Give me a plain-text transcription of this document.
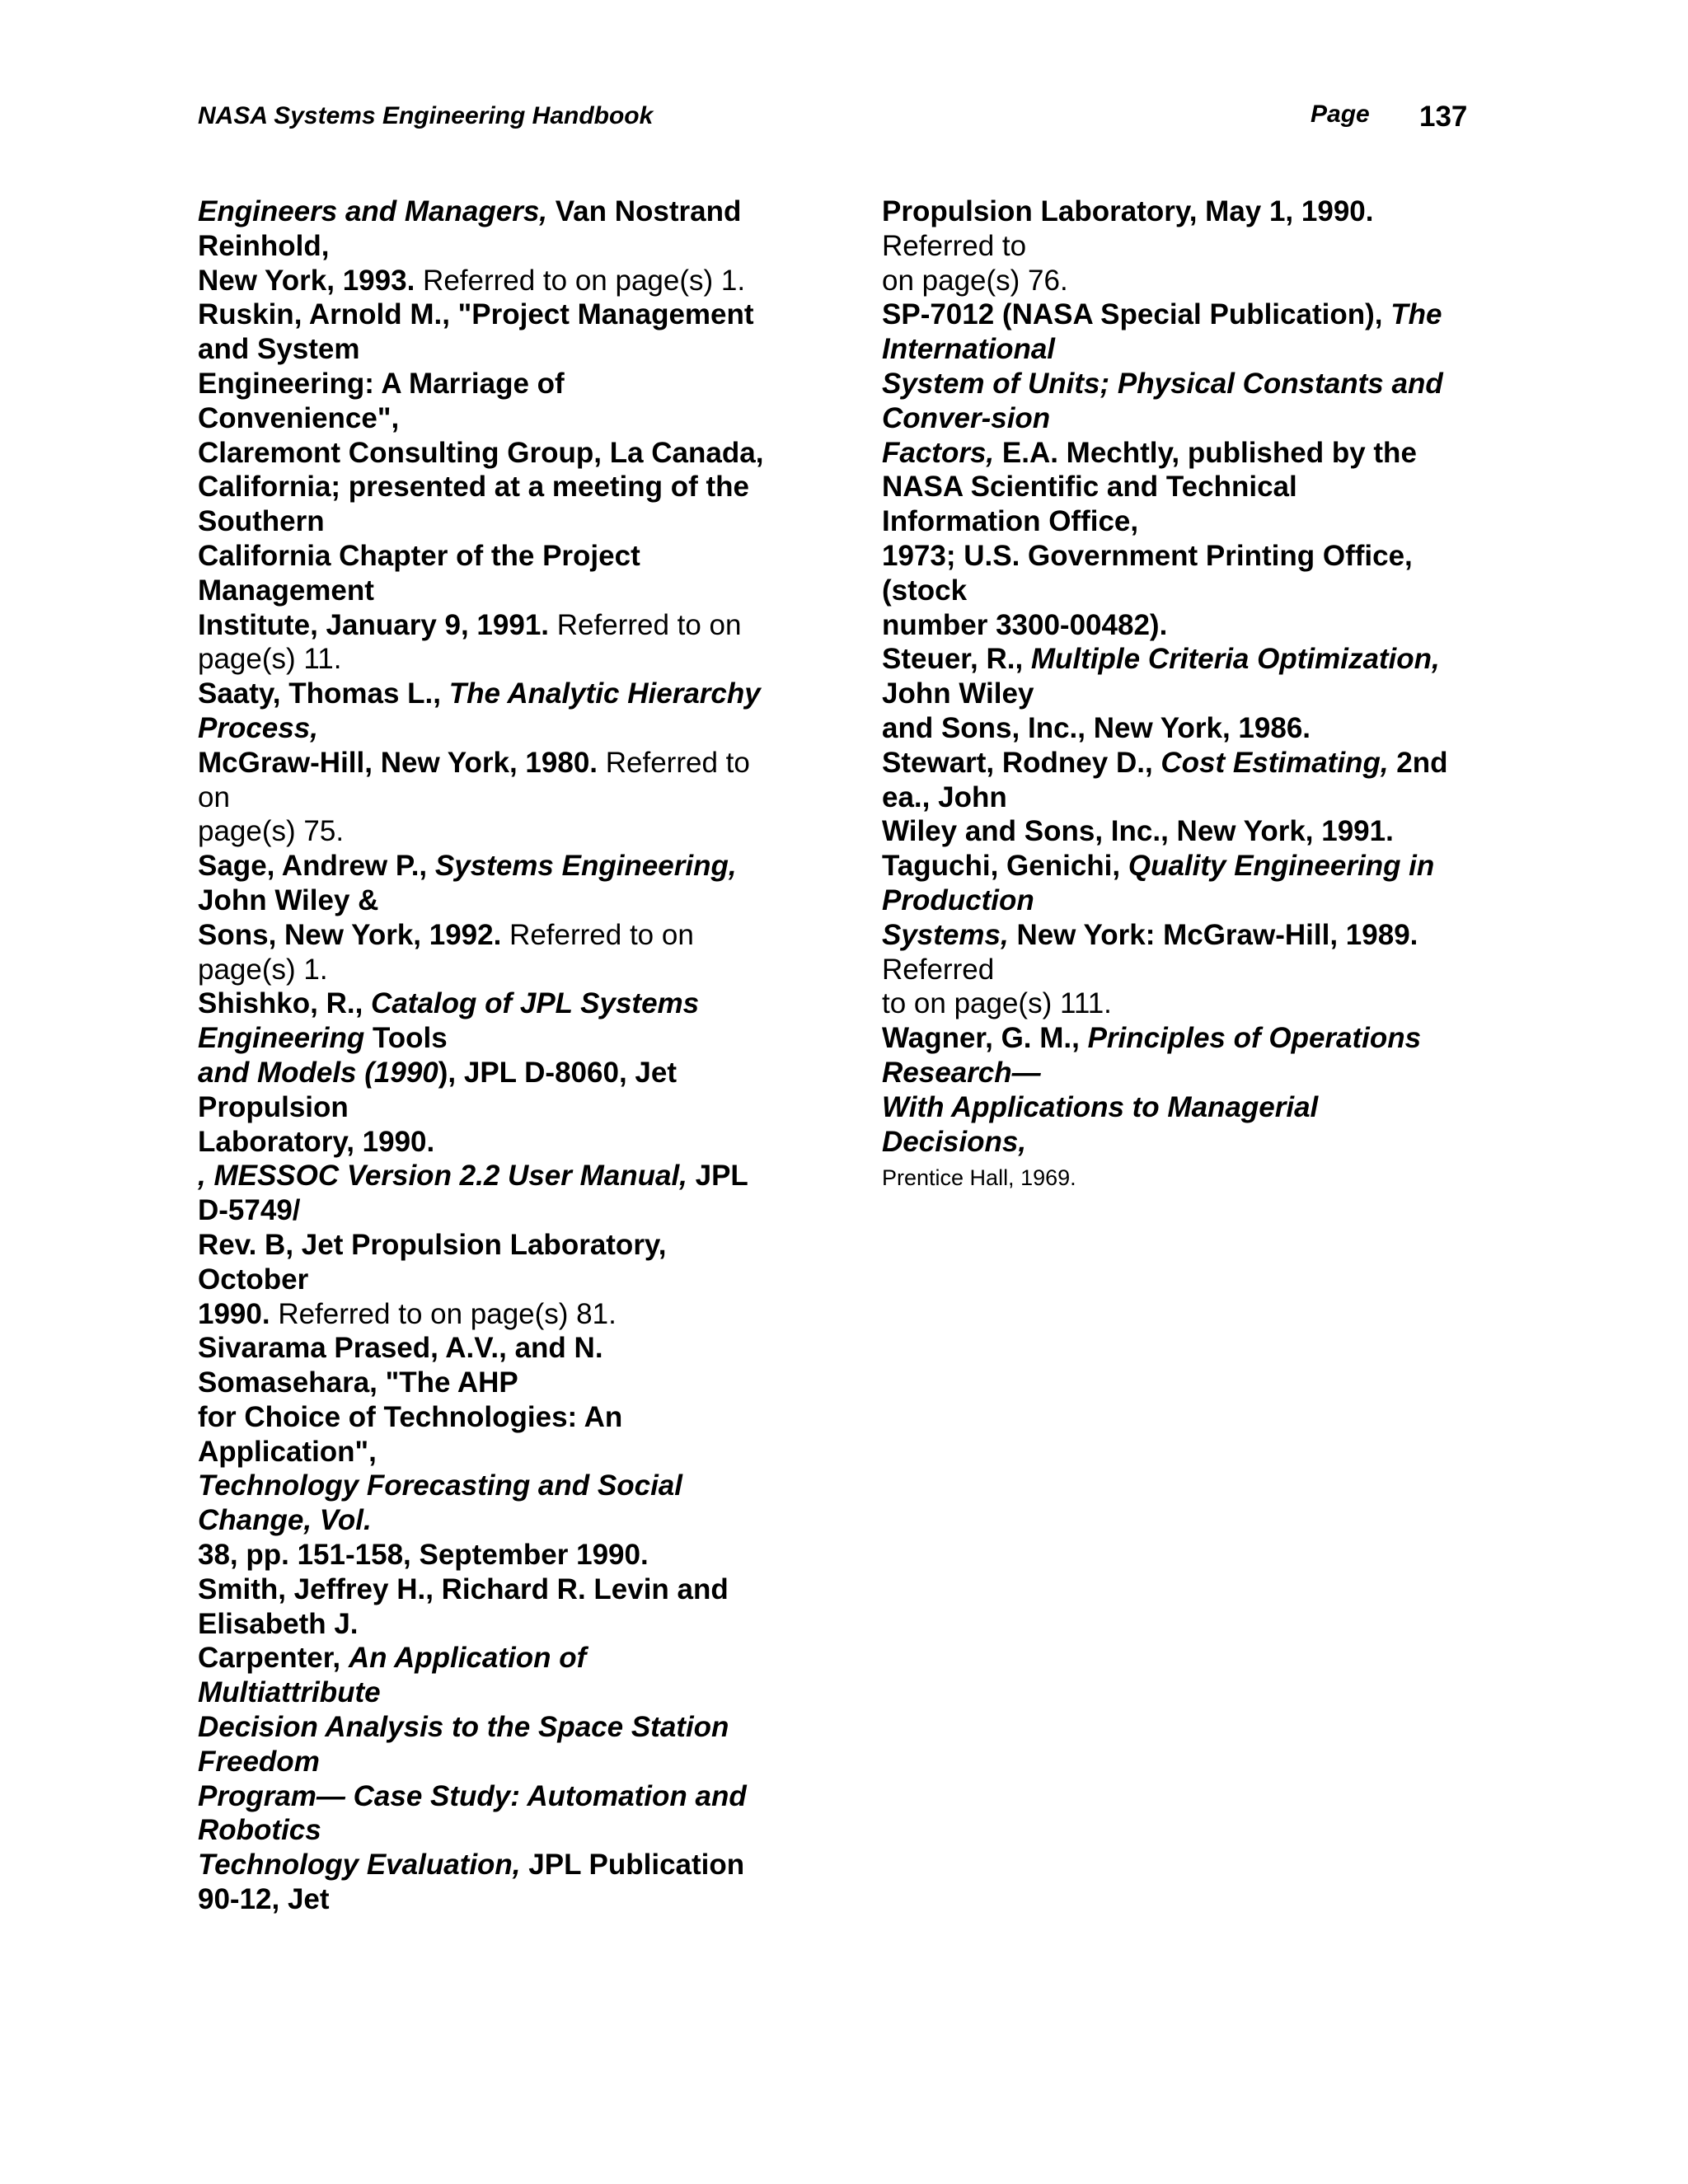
NASA Systems Engineering Handbook	Page 137
Engineers and Managers, Van Nostrand
Reinhold,
New York, 1993. Referred to on page(s) 1.
Ruskin, Arnold M., "Project Management
and System
Engineering: A Marriage of
Convenience",
Claremont Consulting Group, La Canada,
California; presented at a meeting of the
Southern
California Chapter of the Project
Management
Institute, January 9, 1991. Referred to on
page(s) 11.
Saaty, Thomas L., The Analytic Hierarchy
Process,
McGraw-Hill, New York, 1980. Referred to
on
page(s) 75.
Sage, Andrew P., Systems Engineering,
John Wiley &
Sons, New York, 1992. Referred to on
page(s) 1.
Shishko, R., Catalog of JPL Systems
Engineering Tools
and Models (1990), JPL D-8060, Jet
Propulsion
Laboratory, 1990.
, MESSOC Version 2.2 User Manual, JPL
D-5749/
Rev. B, Jet Propulsion Laboratory,
October
1990. Referred to on page(s) 81.
Sivarama Prased, A.V., and N.
Somasehara, "The AHP
for Choice of Technologies: An
Application",
Technology Forecasting and Social
Change, Vol.
38, pp. 151-158, September 1990.
Smith, Jeffrey H., Richard R. Levin and
Elisabeth J.
Carpenter, An Application of
Multiattribute
Decision Analysis to the Space Station
Freedom
Program— Case Study: Automation and
Robotics
Technology Evaluation, JPL Publication
90-12, Jet
Propulsion Laboratory, May 1, 1990.
Referred to
on page(s) 76.
SP-7012 (NASA Special Publication), The
International
System of Units; Physical Constants and
Conver-sion
Factors, E.A. Mechtly, published by the
NASA Scientific and Technical
Information Office,
1973; U.S. Government Printing Office,
(stock
number 3300-00482).
Steuer, R., Multiple Criteria Optimization,
John Wiley
and Sons, Inc., New York, 1986.
Stewart, Rodney D., Cost Estimating, 2nd
ea., John
Wiley and Sons, Inc., New York, 1991.
Taguchi, Genichi, Quality Engineering in
Production
Systems, New York: McGraw-Hill, 1989.
Referred
to on page(s) 111.
Wagner, G. M., Principles of Operations
Research—
With Applications to Managerial
Decisions,
Prentice Hall, 1969.
